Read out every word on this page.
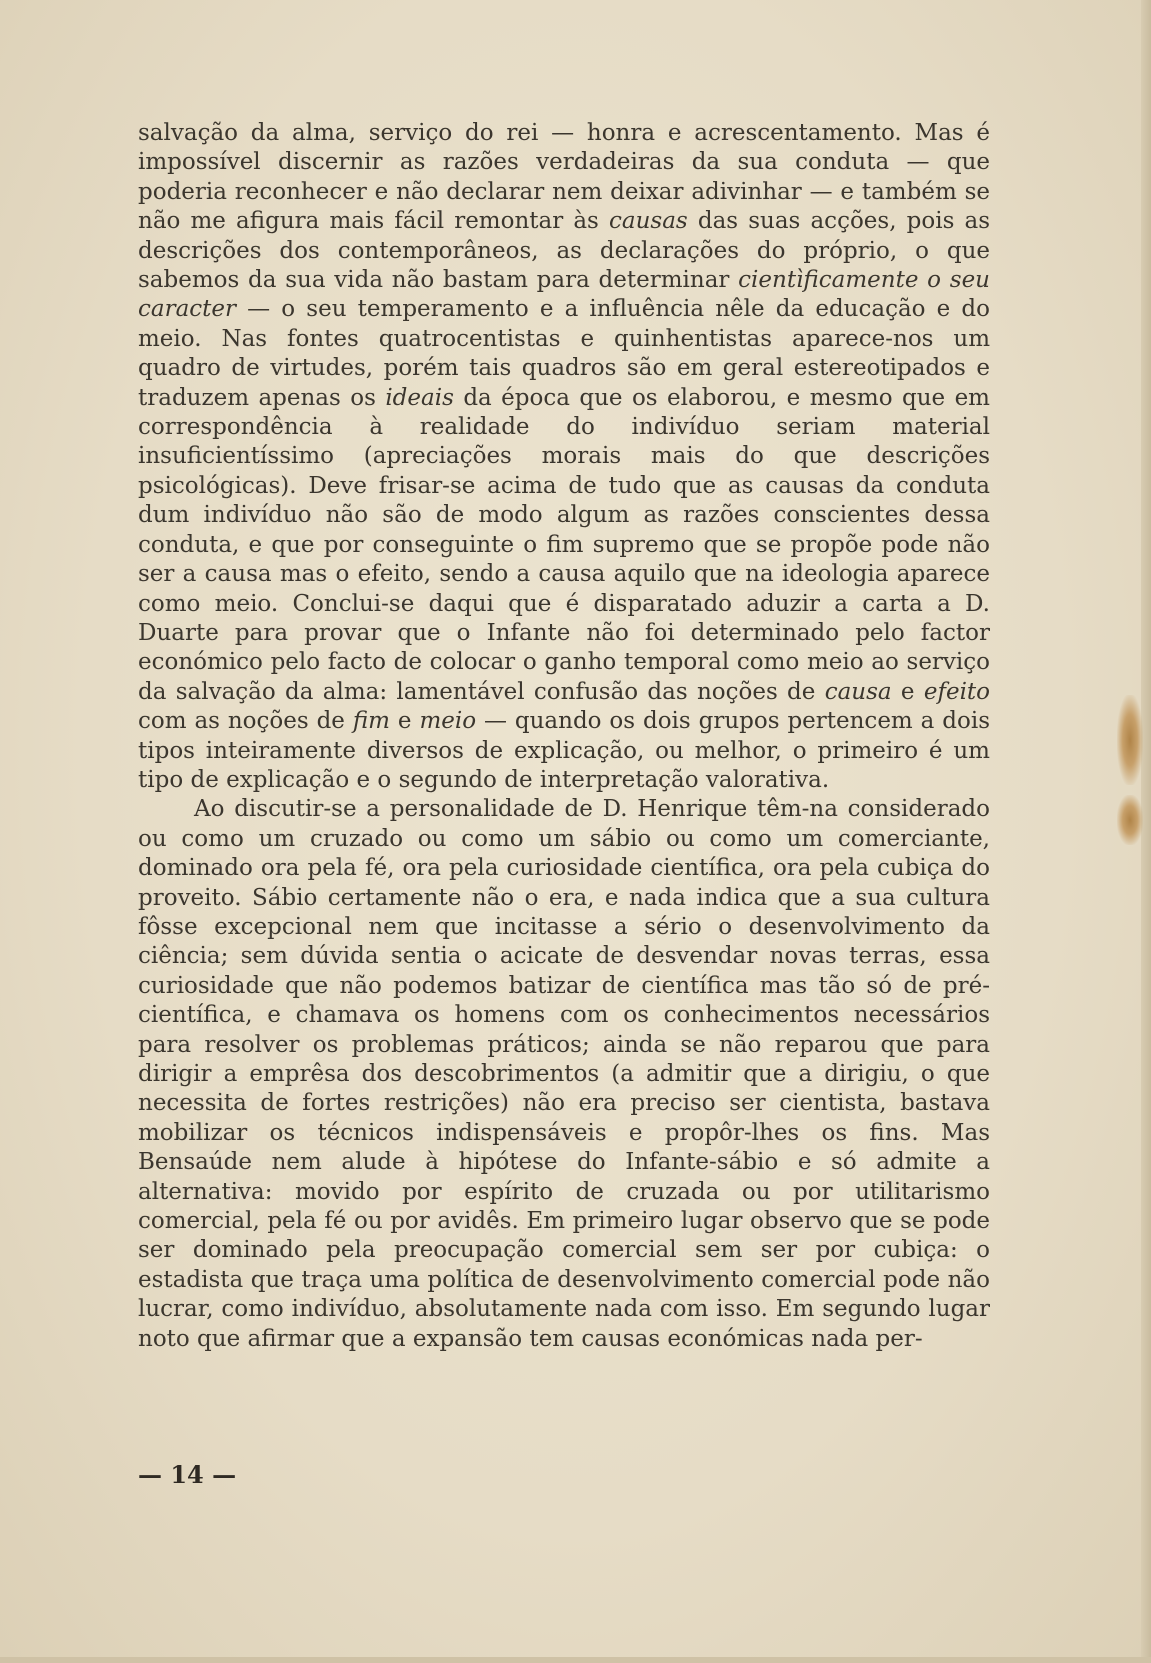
salvação da alma, serviço do rei — honra e acrescentamento. Mas é impossível discernir as razões verdadeiras da sua conduta — que poderia reconhecer e não declarar nem deixar adivinhar — e também se não me afigura mais fácil remontar às causas das suas acções, pois as descrições dos contemporâneos, as declarações do próprio, o que sabemos da sua vida não bastam para determinar cientìficamente o seu caracter — o seu temperamento e a influência nêle da educação e do meio. Nas fontes quatrocentistas e quinhentistas aparece-nos um quadro de virtudes, porém tais quadros são em geral estereotipados e traduzem apenas os ideais da época que os elaborou, e mesmo que em correspondência à realidade do indivíduo seriam material insuficientíssimo (apreciações morais mais do que descrições psicológicas). Deve frisar-se acima de tudo que as causas da conduta dum indivíduo não são de modo algum as razões conscientes dessa conduta, e que por conseguinte o fim supremo que se propõe pode não ser a causa mas o efeito, sendo a causa aquilo que na ideologia aparece como meio. Conclui-se daqui que é disparatado aduzir a carta a D. Duarte para provar que o Infante não foi determinado pelo factor económico pelo facto de colocar o ganho temporal como meio ao serviço da salvação da alma: lamentável confusão das noções de causa e efeito com as noções de fim e meio — quando os dois grupos pertencem a dois tipos inteiramente diversos de explicação, ou melhor, o primeiro é um tipo de explicação e o segundo de interpretação valorativa.

Ao discutir-se a personalidade de D. Henrique têm-na considerado ou como um cruzado ou como um sábio ou como um comerciante, dominado ora pela fé, ora pela curiosidade científica, ora pela cubiça do proveito. Sábio certamente não o era, e nada indica que a sua cultura fôsse excepcional nem que incitasse a sério o desenvolvimento da ciência; sem dúvida sentia o acicate de desvendar novas terras, essa curiosidade que não podemos batizar de científica mas tão só de pré-científica, e chamava os homens com os conhecimentos necessários para resolver os problemas práticos; ainda se não reparou que para dirigir a emprêsa dos descobrimentos (a admitir que a dirigiu, o que necessita de fortes restrições) não era preciso ser cientista, bastava mobilizar os técnicos indispensáveis e propôr-lhes os fins. Mas Bensaúde nem alude à hipótese do Infante-sábio e só admite a alternativa: movido por espírito de cruzada ou por utilitarismo comercial, pela fé ou por avidês. Em primeiro lugar observo que se pode ser dominado pela preocupação comercial sem ser por cubiça: o estadista que traça uma política de desenvolvimento comercial pode não lucrar, como indivíduo, absolutamente nada com isso. Em segundo lugar noto que afirmar que a expansão tem causas económicas nada per-

— 14 —
